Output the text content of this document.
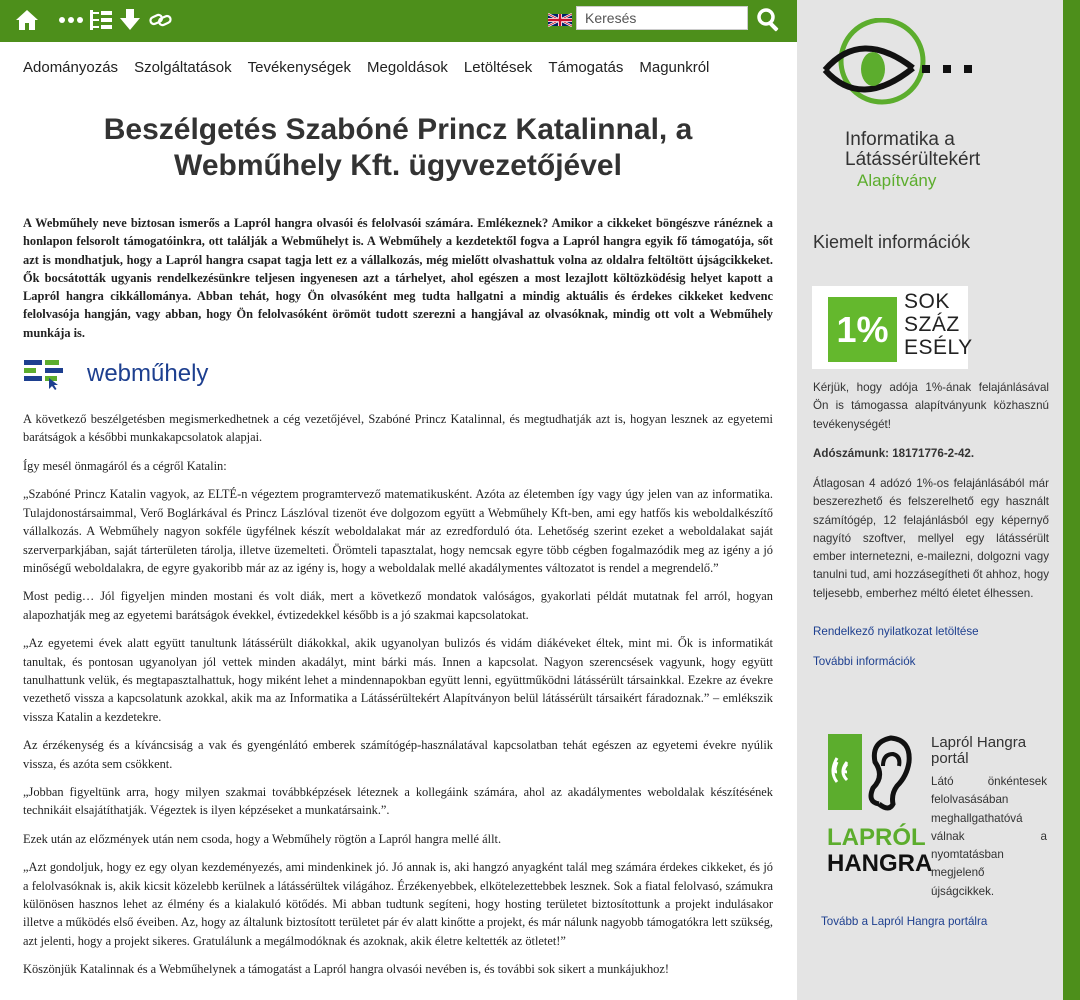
Keresés
Adományozás Szolgáltatások Tevékenységek Megoldások Letöltések Támogatás Magunkról
Beszélgetés Szabóné Princz Katalinnal, a Webműhely Kft. ügyvezetőjével

A Webműhely neve biztosan ismerős a Lapról hangra olvasói és felolvasói számára. Emlékeznek? Amikor a cikkeket böngészve ránéznek a honlapon felsorolt támogatóinkra, ott találják a Webműhelyt is. A Webműhely a kezdetektől fogva a Lapról hangra egyik fő támogatója, sőt azt is mondhatjuk, hogy a Lapról hangra csapat tagja lett ez a vállalkozás, még mielőtt olvashattuk volna az oldalra feltöltött újságcikkeket. Ők bocsátották ugyanis rendelkezésünkre teljesen ingyenesen azt a tárhelyet, ahol egészen a most lezajlott költözködésig helyet kapott a Lapról hangra cikkállománya. Abban tehát, hogy Ön olvasóként meg tudta hallgatni a mindig aktuális és érdekes cikkeket kedvenc felolvasója hangján, vagy abban, hogy Ön felolvasóként örömöt tudott szerezni a hangjával az olvasóknak, mindig ott volt a Webműhely munkája is.

webműhely

A következő beszélgetésben megismerkedhetnek a cég vezetőjével, Szabóné Princz Katalinnal, és megtudhatják azt is, hogyan lesznek az egyetemi barátságok a későbbi munkakapcsolatok alapjai.

Így mesél önmagáról és a cégről Katalin:

„Szabóné Princz Katalin vagyok, az ELTÉ-n végeztem programtervező matematikusként. Azóta az életemben így vagy úgy jelen van az informatika. Tulajdonostársaimmal, Verő Boglárkával és Princz Lászlóval tizenöt éve dolgozom együtt a Webműhely Kft-ben, ami egy hatfős kis weboldalkészítő vállalkozás. A Webműhely nagyon sokféle ügyfélnek készít weboldalakat már az ezredforduló óta. Lehetőség szerint ezeket a weboldalakat saját szerverparkjában, saját tárterületen tárolja, illetve üzemelteti. Örömteli tapasztalat, hogy nemcsak egyre több cégben fogalmazódik meg az igény a jó minőségű weboldalakra, de egyre gyakoribb már az az igény is, hogy a weboldalak mellé akadálymentes változatot is rendel a megrendelő.”

Most pedig… Jól figyeljen minden mostani és volt diák, mert a következő mondatok valóságos, gyakorlati példát mutatnak fel arról, hogyan alapozhatják meg az egyetemi barátságok évekkel, évtizedekkel később is a jó szakmai kapcsolatokat.

„Az egyetemi évek alatt együtt tanultunk látássérült diákokkal, akik ugyanolyan bulizós és vidám diákéveket éltek, mint mi. Ők is informatikát tanultak, és pontosan ugyanolyan jól vettek minden akadályt, mint bárki más. Innen a kapcsolat. Nagyon szerencsések vagyunk, hogy együtt tanulhattunk velük, és megtapasztalhattuk, hogy miként lehet a mindennapokban együtt lenni, együttműködni látássérült társainkkal. Ezekre az évekre vezethető vissza a kapcsolatunk azokkal, akik ma az Informatika a Látássérültekért Alapítványon belül látássérült társaikért fáradoznak.” – emlékszik vissza Katalin a kezdetekre.

Az érzékenység és a kíváncsiság a vak és gyengénlátó emberek számítógép-használatával kapcsolatban tehát egészen az egyetemi évekre nyúlik vissza, és azóta sem csökkent.

„Jobban figyeltünk arra, hogy milyen szakmai továbbképzések léteznek a kollegáink számára, ahol az akadálymentes weboldalak készítésének technikáit elsajátíthatják. Végeztek is ilyen képzéseket a munkatársaink.”.

Ezek után az előzmények után nem csoda, hogy a Webműhely rögtön a Lapról hangra mellé állt.

„Azt gondoljuk, hogy ez egy olyan kezdeményezés, ami mindenkinek jó. Jó annak is, aki hangzó anyagként talál meg számára érdekes cikkeket, és jó a felolvasóknak is, akik kicsit közelebb kerülnek a látássérültek világához. Érzékenyebbek, elkötelezettebbek lesznek. Sok a fiatal felolvasó, számukra különösen hasznos lehet az élmény és a kialakuló kötődés. Mi abban tudtunk segíteni, hogy hosting területet biztosítottunk a projekt indulásakor illetve a működés első éveiben. Az, hogy az általunk biztosított területet pár év alatt kinőtte a projekt, és már nálunk nagyobb támogatókra lett szükség, azt jelenti, hogy a projekt sikeres. Gratulálunk a megálmodóknak és azoknak, akik életre keltették az ötletet!”

Köszönjük Katalinnak és a Webműhelynek a támogatást a Lapról hangra olvasói nevében is, és további sok sikert a munkájukhoz!

Informatika a Látássérültekért
Alapítvány
Kiemelt információk
1%
SOK
SZÁZ
ESÉLY
Kérjük, hogy adója 1%-ának felajánlásával Ön is támogassa alapítványunk közhasznú tevékenységét!
Adószámunk: 18171776-2-42.
Átlagosan 4 adózó 1%-os felajánlásából már beszerezhető és felszerelhető egy használt számítógép, 12 felajánlásból egy képernyő nagyító szoftver, mellyel egy látássérült ember internetezni, e-mailezni, dolgozni vagy tanulni tud, ami hozzásegítheti őt ahhoz, hogy teljesebb, emberhez méltó életet élhessen.
Rendelkező nyilatkozat letöltése
További információk
LAPRÓL
HANGRA
Lapról Hangra portál
Látó önkéntesek felolvasásában meghallgathatóvá válnak a nyomtatásban megjelenő újságcikkek.
Tovább a Lapról Hangra portálra
